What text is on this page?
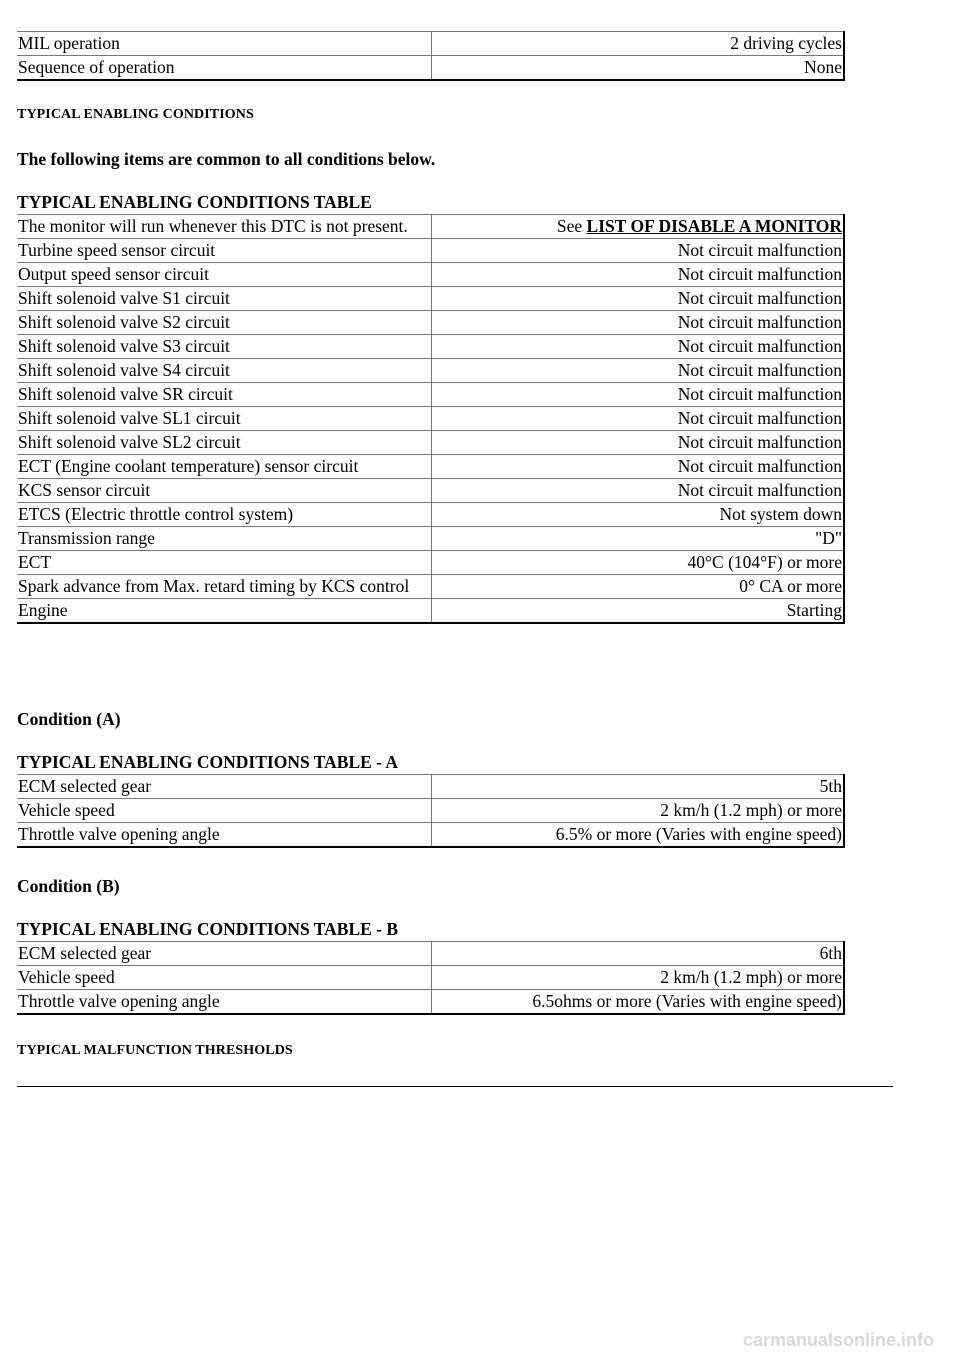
MIL operation	2 driving cycles
Sequence of operation	None
TYPICAL ENABLING CONDITIONS
The following items are common to all conditions below.
TYPICAL ENABLING CONDITIONS TABLE
The monitor will run whenever this DTC is not present.	See LIST OF DISABLE A MONITOR
Turbine speed sensor circuit	Not circuit malfunction
Output speed sensor circuit	Not circuit malfunction
Shift solenoid valve S1 circuit	Not circuit malfunction
Shift solenoid valve S2 circuit	Not circuit malfunction
Shift solenoid valve S3 circuit	Not circuit malfunction
Shift solenoid valve S4 circuit	Not circuit malfunction
Shift solenoid valve SR circuit	Not circuit malfunction
Shift solenoid valve SL1 circuit	Not circuit malfunction
Shift solenoid valve SL2 circuit	Not circuit malfunction
ECT (Engine coolant temperature) sensor circuit	Not circuit malfunction
KCS sensor circuit	Not circuit malfunction
ETCS (Electric throttle control system)	Not system down
Transmission range	"D"
ECT	40°C (104°F) or more
Spark advance from Max. retard timing by KCS control	0° CA or more
Engine	Starting
Condition (A)
TYPICAL ENABLING CONDITIONS TABLE - A
ECM selected gear	5th
Vehicle speed	2 km/h (1.2 mph) or more
Throttle valve opening angle	6.5% or more (Varies with engine speed)
Condition (B)
TYPICAL ENABLING CONDITIONS TABLE - B
ECM selected gear	6th
Vehicle speed	2 km/h (1.2 mph) or more
Throttle valve opening angle	6.5ohms or more (Varies with engine speed)
TYPICAL MALFUNCTION THRESHOLDS
carmanualsonline.info
